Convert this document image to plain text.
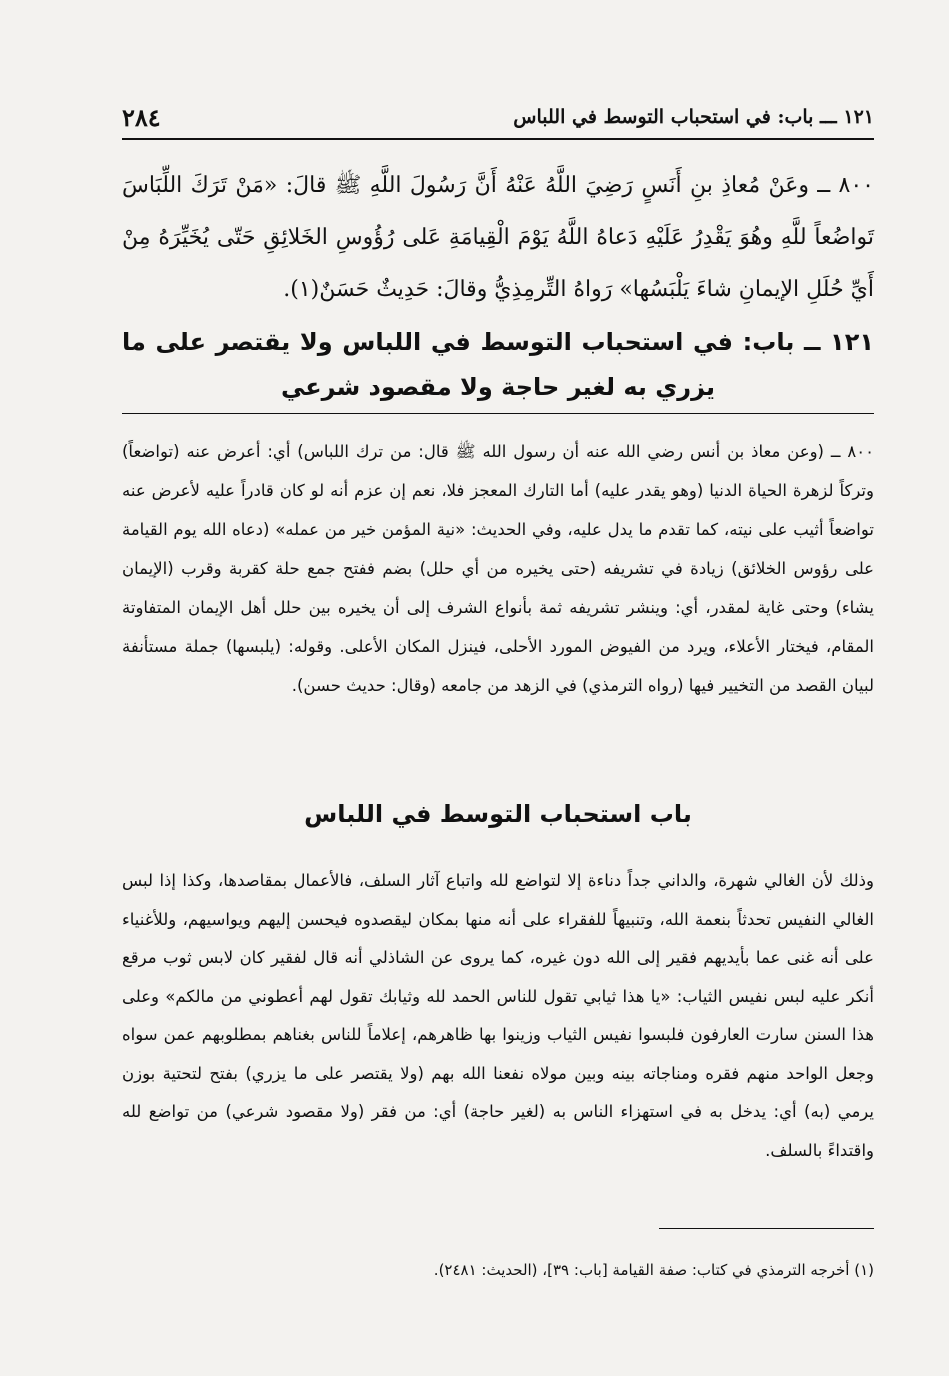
١٢١ ـــ باب: في استحباب التوسط في اللباس
٢٨٤
٨٠٠ ــ وعَنْ مُعاذِ بنِ أَنَسٍ رَضِيَ اللَّهُ عَنْهُ أَنَّ رَسُولَ اللَّهِ ﷺ قالَ: «مَنْ تَرَكَ اللِّبَاسَ تَواضُعاً للَّهِ وهُوَ يَقْدِرُ عَلَيْهِ دَعاهُ اللَّهُ يَوْمَ الْقِيامَةِ عَلى رُؤُوسِ الخَلائِقِ حَتّى يُخَيِّرَهُ مِنْ أَيِّ حُلَلِ الإيمانِ شاءَ يَلْبَسُها» رَواهُ التِّرمِذِيُّ وقالَ: حَدِيثٌ حَسَنٌ(١).
١٢١ ــ باب: في استحباب التوسط في اللباس ولا يقتصر على ما يزري به لغير حاجة ولا مقصود شرعي
٨٠٠ ــ (وعن معاذ بن أنس رضي الله عنه أن رسول الله ﷺ قال: من ترك اللباس) أي: أعرض عنه (تواضعاً) وتركاً لزهرة الحياة الدنيا (وهو يقدر عليه) أما التارك المعجز فلا، نعم إن عزم أنه لو كان قادراً عليه لأعرض عنه تواضعاً أثيب على نيته، كما تقدم ما يدل عليه، وفي الحديث: «نية المؤمن خير من عمله» (دعاه الله يوم القيامة على رؤوس الخلائق) زيادة في تشريفه (حتى يخيره من أي حلل) بضم ففتح جمع حلة كقربة وقرب (الإيمان يشاء) وحتى غاية لمقدر، أي: وينشر تشريفه ثمة بأنواع الشرف إلى أن يخيره بين حلل أهل الإيمان المتفاوتة المقام، فيختار الأعلاء، ويرد من الفيوض المورد الأحلى، فينزل المكان الأعلى. وقوله: (يلبسها) جملة مستأنفة لبيان القصد من التخيير فيها (رواه الترمذي) في الزهد من جامعه (وقال: حديث حسن).
باب استحباب التوسط في اللباس
وذلك لأن الغالي شهرة، والداني جداً دناءة إلا لتواضع لله واتباع آثار السلف، فالأعمال بمقاصدها، وكذا إذا لبس الغالي النفيس تحدثاً بنعمة الله، وتنبيهاً للفقراء على أنه منها بمكان ليقصدوه فيحسن إليهم ويواسيهم، وللأغنياء على أنه غنى عما بأيديهم فقير إلى الله دون غيره، كما يروى عن الشاذلي أنه قال لفقير كان لابس ثوب مرقع أنكر عليه لبس نفيس الثياب: «يا هذا ثيابي تقول للناس الحمد لله وثيابك تقول لهم أعطوني من مالكم» وعلى هذا السنن سارت العارفون فلبسوا نفيس الثياب وزينوا بها ظاهرهم، إعلاماً للناس بغناهم بمطلوبهم عمن سواه وجعل الواحد منهم فقره ومناجاته بينه وبين مولاه نفعنا الله بهم (ولا يقتصر على ما يزري) بفتح لتحتية بوزن يرمي (به) أي: يدخل به في استهزاء الناس به (لغير حاجة) أي: من فقر (ولا مقصود شرعي) من تواضع لله واقتداءً بالسلف.
(١) أخرجه الترمذي في كتاب: صفة القيامة [باب: ٣٩]، (الحديث: ٢٤٨١).
